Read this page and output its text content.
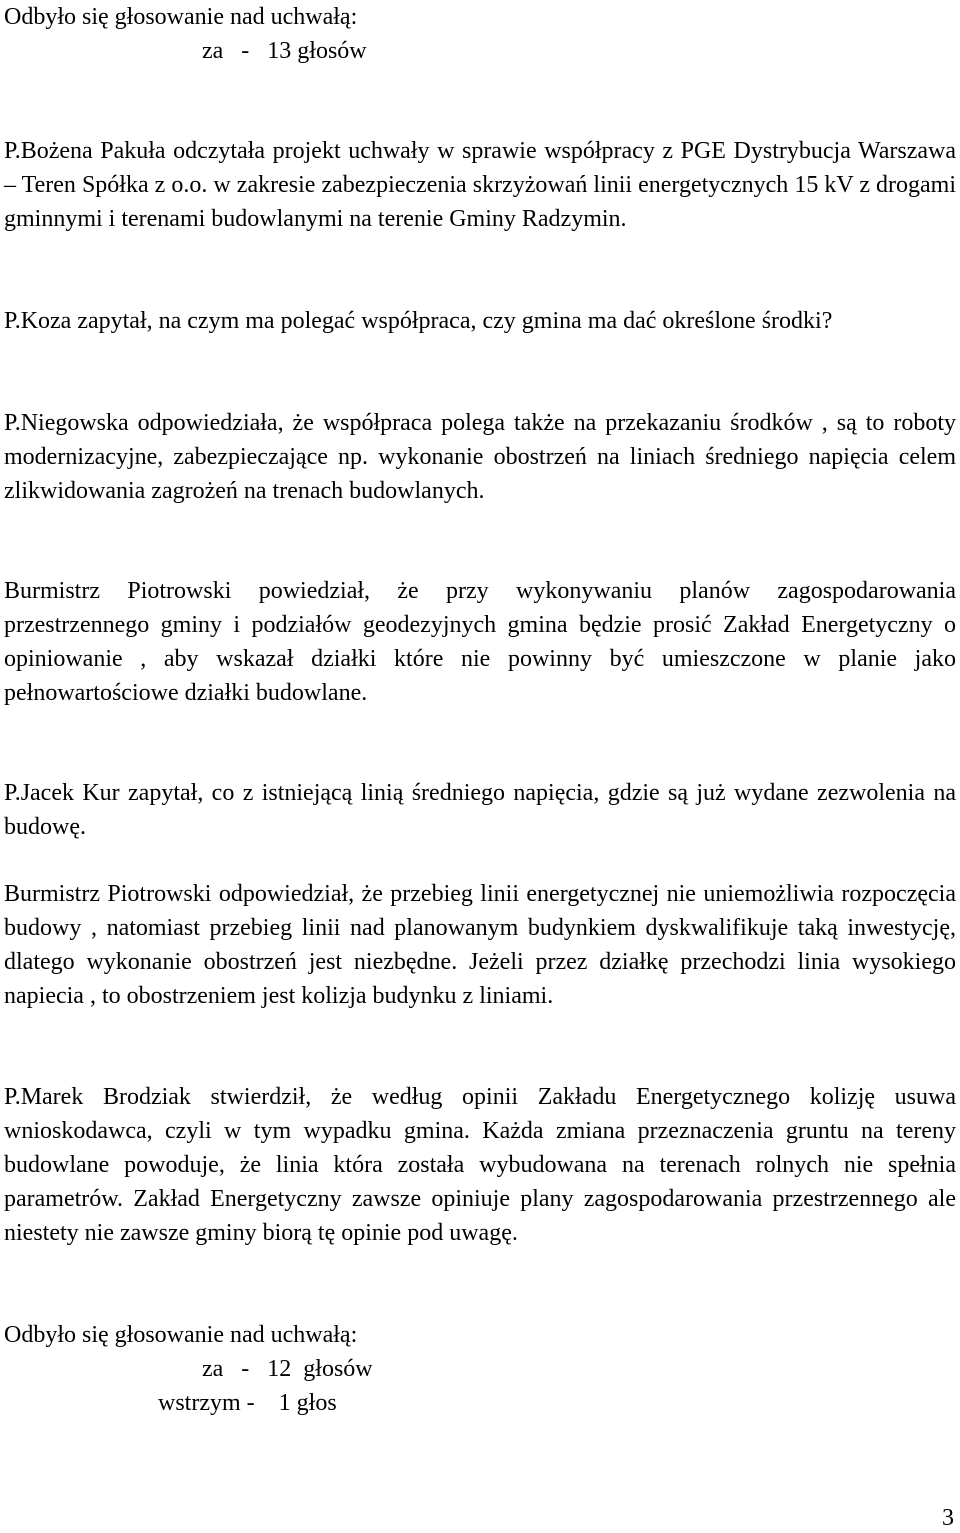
Odbyło się głosowanie nad uchwałą:
za   -   13 głosów

P.Bożena Pakuła odczytała projekt uchwały w sprawie współpracy z PGE Dystrybucja Warszawa – Teren Spółka z o.o. w zakresie zabezpieczenia skrzyżowań linii energetycznych 15 kV z drogami gminnymi i terenami budowlanymi na terenie Gminy Radzymin.

P.Koza zapytał, na czym ma polegać współpraca, czy gmina ma dać określone środki?

P.Niegowska odpowiedziała, że współpraca polega także na przekazaniu środków , są to roboty modernizacyjne, zabezpieczające np. wykonanie obostrzeń na liniach średniego napięcia celem zlikwidowania zagrożeń na trenach budowlanych.

Burmistrz Piotrowski powiedział, że przy wykonywaniu planów zagospodarowania przestrzennego gminy i podziałów geodezyjnych gmina będzie prosić Zakład Energetyczny o opiniowanie , aby wskazał działki które nie powinny być umieszczone w planie jako pełnowartościowe działki budowlane.

P.Jacek Kur zapytał, co z istniejącą linią średniego napięcia, gdzie są już wydane zezwolenia na budowę.

Burmistrz Piotrowski odpowiedział, że przebieg linii energetycznej nie uniemożliwia rozpoczęcia budowy , natomiast przebieg linii nad planowanym budynkiem dyskwalifikuje taką inwestycję, dlatego wykonanie obostrzeń jest niezbędne. Jeżeli przez działkę przechodzi linia wysokiego napiecia , to obostrzeniem jest kolizja budynku z liniami.

P.Marek Brodziak stwierdził, że według opinii Zakładu Energetycznego kolizję usuwa wnioskodawca, czyli w tym wypadku gmina. Każda zmiana przeznaczenia gruntu na tereny budowlane powoduje, że linia która została wybudowana na terenach rolnych nie spełnia parametrów. Zakład Energetyczny zawsze opiniuje plany zagospodarowania przestrzennego ale niestety nie zawsze gminy biorą tę opinie pod uwagę.

Odbyło się głosowanie nad uchwałą:
za   -   12  głosów
wstrzym -    1 głos
3
